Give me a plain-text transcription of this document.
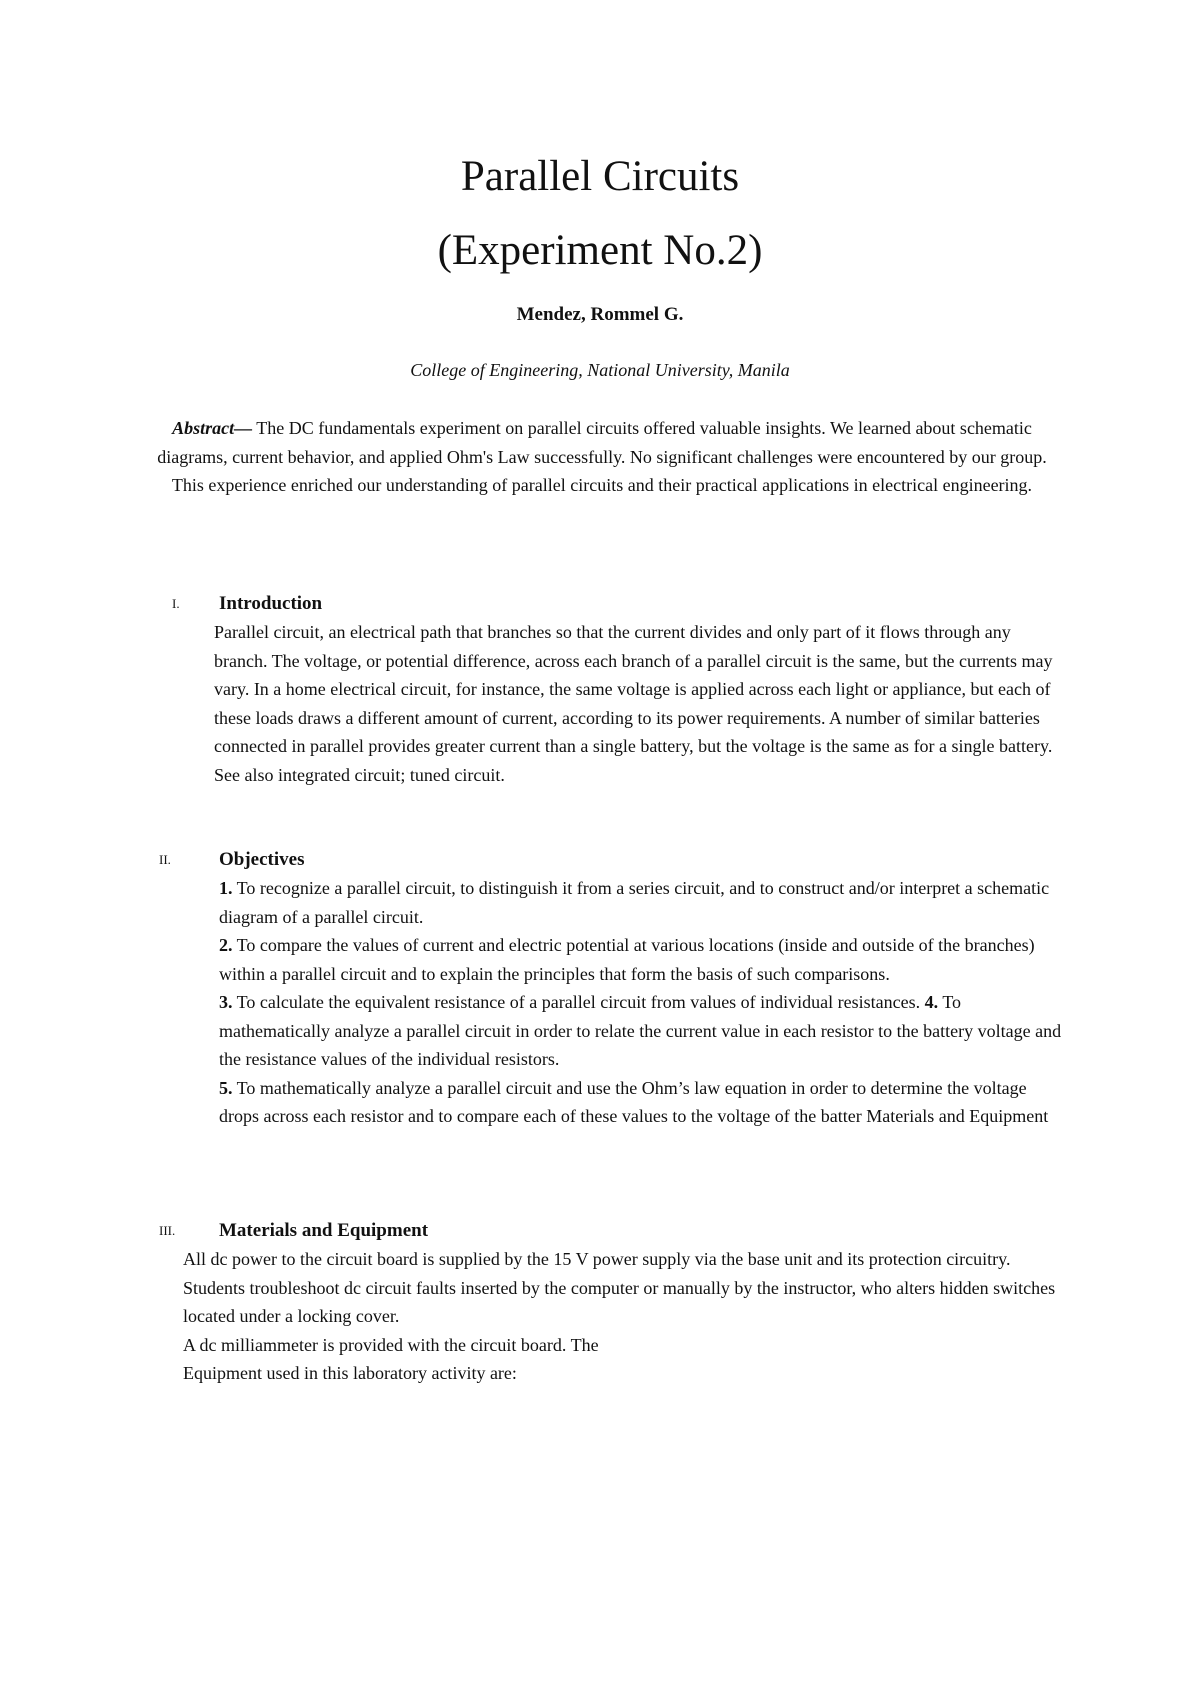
Parallel Circuits
(Experiment No.2)

Mendez, Rommel G.

College of Engineering, National University, Manila

Abstract— The DC fundamentals experiment on parallel circuits offered valuable insights. We learned about schematic diagrams, current behavior, and applied Ohm's Law successfully. No significant challenges were encountered by our group. This experience enriched our understanding of parallel circuits and their practical applications in electrical engineering.

I. Introduction

Parallel circuit, an electrical path that branches so that the current divides and only part of it flows through any branch. The voltage, or potential difference, across each branch of a parallel circuit is the same, but the currents may vary. In a home electrical circuit, for instance, the same voltage is applied across each light or appliance, but each of these loads draws a different amount of current, according to its power requirements. A number of similar batteries connected in parallel provides greater current than a single battery, but the voltage is the same as for a single battery. See also integrated circuit; tuned circuit.

II.	Objectives

1. To recognize a parallel circuit, to distinguish it from a series circuit, and to construct and/or interpret a schematic diagram of a parallel circuit.

2. To compare the values of current and electric potential at various locations (inside and outside of the branches) within a parallel circuit and to explain the principles that form the basis of such comparisons.

3. To calculate the equivalent resistance of a parallel circuit from values of individual resistances. 4. To mathematically analyze a parallel circuit in order to relate the current value in each resistor to the battery voltage and the resistance values of the individual resistors.

5. To mathematically analyze a parallel circuit and use the Ohm’s law equation in order to determine the voltage drops across each resistor and to compare each of these values to the voltage of the batter Materials and Equipment

III. Materials and Equipment
All dc power to the circuit board is supplied by the 15 V power supply via the base unit and its protection circuitry. Students troubleshoot dc circuit faults inserted by the computer or manually by the instructor, who alters hidden switches located under a locking cover.
A dc milliammeter is provided with the circuit board. The
Equipment used in this laboratory activity are:
